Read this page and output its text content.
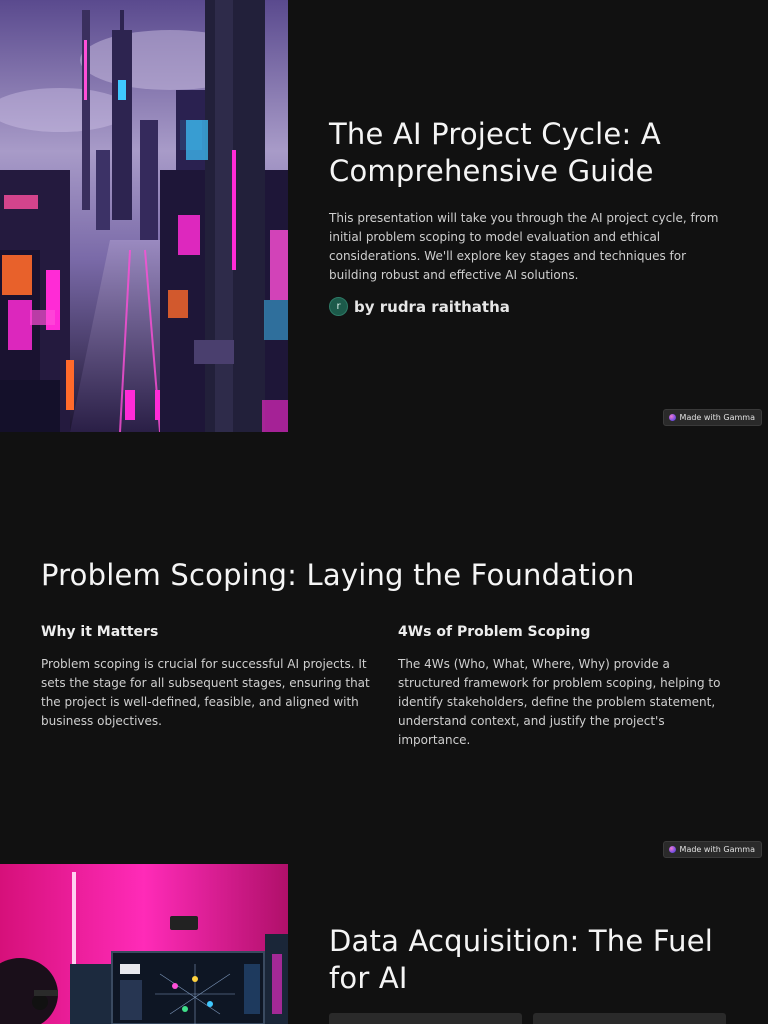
The AI Project Cycle: A Comprehensive Guide

This presentation will take you through the AI project cycle, from initial problem scoping to model evaluation and ethical considerations. We'll explore key stages and techniques for building robust and effective AI solutions.

r by rudra raithatha
Made with Gamma
Problem Scoping: Laying the Foundation
Why it Matters

Problem scoping is crucial for successful AI projects. It sets the stage for all subsequent stages, ensuring that the project is well-defined, feasible, and aligned with business objectives.

4Ws of Problem Scoping

The 4Ws (Who, What, Where, Why) provide a structured framework for problem scoping, helping to identify stakeholders, define the problem statement, understand context, and justify the project's importance.

Made with Gamma
Data Acquisition: The Fuel for AI
